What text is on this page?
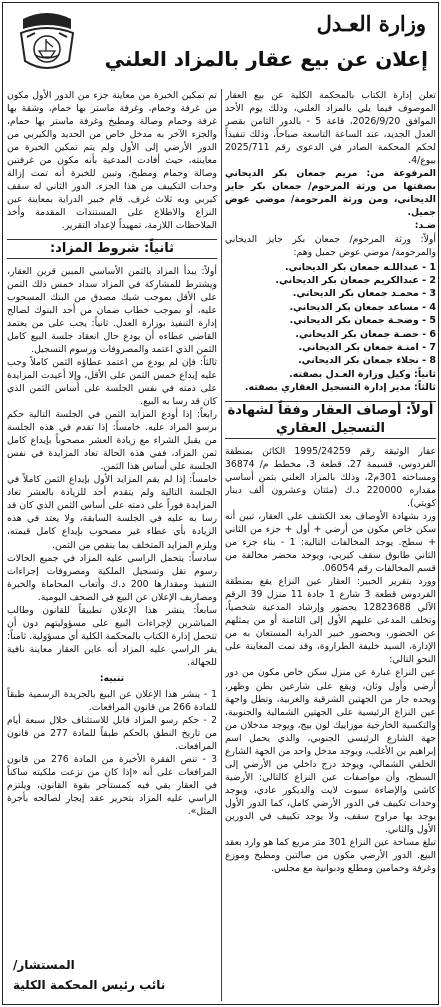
وزارة العـدل
إعلان عن بيع عقار بالمزاد العلني
تعلن إدارة الكتاب بالمحكمة الكلية عن بيع العقار الموصوف فيما يلي بالمزاد العلني، وذلك يوم الأحد الموافق 2026/9/20، قاعة 5 - بالدور الثامن بقصر العدل الجديد، عند الساعة التاسعة صباحاً، وذلك تنفيذاً لحكم المحكمة الصادر في الدعوى رقم 2025/711 بيوع/4.
المرفوعة من: مريم جمعان بكر الديحاني بصفتها من ورثة المرحوم/ جمعان بكر جايز الديحاني، ومن ورثة المرحومة/ موضي عوض جميل.
ضـد:
أولاً: ورثة المرحوم/ جمعان بكر جايز الديحاني والمرحومة/ موضي عوض جميل وهم:
1 - عبداللـه جمعان بكر الديحاني.
2 - عبدالكريم جمعان بكر الديحاني.
3 - محمـد جمعان بكر الديحاني.
4 - مساعد جمعان بكر الديحاني.
5 - وضحـة جمعان بكر الديحاني.
6 - حصـة جمعان بكر الديحاني.
7 - امنـة جمعان بكر الديحاني.
8 - نجلاء جمعان بكر الديحاني.
ثانياً: وكيل وزارة العـدل بصفته.
ثالثاً: مدير إدارة التسجيل العقاري بصفته.
أولاً: أوصاف العقار وفقاً لشهادة التسجيل العقاري
عقار الوثيقة رقم 1995/24259 الكائن بمنطقة الفردوس، قسيمة 27، قطعة 3، مخطط م/ 36874 ومساحته 301م2، وذلك بالمزاد العلني بثمن أساسي مقداره 220000 د.ك (مئتان وعشرون ألف دينار كويتي).
ورد بشهادة الأوصاف بعد الكشف على العقار، تبين أنه سكن خاص مكون من أرضي + أول + جزء من الثاني + سطح. يوجد المخالفات التالية: 1 - بناء جزء من الثاني طابوق سقف كيربي، ويوجد محضر مخالفة من قسم المخالفات رقم 06054.
وورد بتقرير الخبير: العقار عين النزاع يقع بمنطقة الفردوس قطعة 3 شارع 1 جادة 11 منزل 39 الرقم الآلي 12823688 بحضور وإرشاد المدعية شخصياً، وتخلف المدعى عليهم الأول إلى الثامنة أو من يمثلهم عن الحضور، وبحضور خبير الدراية المستعان به من الإدارة، السيد خليفة الطراروة، وقد تمت المعاينة على النحو التالي:
عين النزاع عبارة عن منزل سكن خاص مكون من دور أرضي وأول وثان، ويقع على شارعين بطن وظهر، ويحده جار من الجهتين الشرقية والغربية، وتطل واجهة عين النزاع الرئيسية على الجهتين الشمالية والجنوبية، والتكسية الخارجية موزاييك لون بيج، ويوجد مدخلان من جهة الشارع الرئيسي الجنوبي، والذي يحمل اسم إبراهيم بن الأغلب، ويوجد مدخل واحد من الجهة الشارع الخلفي الشمالي، ويوجد درج داخلي من الأرضي إلى السطح، وأن مواصفات عين النزاع كالتالي: الأرضية كاشي والإضاءة سبوت لايت والديكور عادي، ويوجد وحدات تكييف في الدور الأرضي كامل، كما الدور الأول يوجد بها مراوح سقف، ولا يوجد تكييف في الدورين الأول والثاني.
تبلغ مساحة عين النزاع 301 متر مربع كما هو وارد بعقد البيع. الدور الأرضي مكون من صالتين ومطبخ وموزع وغرفة وحمامين ومطلع ودبوانية مع مجلس.
تم تمكين الخبرة من معاينة جزء من الدور الأول مكون من غرفة وحمام، وغرفة ماستر بها حمام، وشقة بها غرفة وحمام وصالة ومطبخ وغرفة ماستر بها حمام، والجزء الآخر به مدخل خاص من الحديد والكيربي من الدور الأرضي إلى الأول ولم يتم تمكين الخبرة من معاينته، حيث أفادت المدعية بأنه مكون من غرفتين وصالة وحمام ومطبخ، وتبين للخبرة أنه تمت إزالة وحدات التكييف من هذا الجزء. الدور الثاني له سقف كيربي وبه ثلاث غرف. قام خبير الدراية بمعاينة عين النزاع والاطلاع على المستندات المقدمة وأخذ الملاحظات اللازمة، تمهيداً لإعداد التقرير.
ثانياً: شروط المزاد:
أولاً: يبدأ المزاد بالثمن الأساسي المبين قرين العقار، ويشترط للمشاركة في المزاد سداد خمس ذلك الثمن على الأقل بموجب شيك مصدق من البنك المسحوب عليه، أو بموجب خطاب ضمان من أحد البنوك لصالح إدارة التنفيذ بوزارة العدل. ثانياً: يجب على من يعتمد القاضي عطاءه أن يودع حال انعقاد جلسة البيع كامل الثمن الذي اعتمد والمصروفات ورسوم التسجيل.
ثالثاً: فإن لم يودع من اعتمد عطاؤه الثمن كاملاً وجب عليه إيداع خمس الثمن على الأقل، وإلا أعيدت المزايدة على ذمته في نفس الجلسة على أساس الثمن الذي كان قد رسا به البيع.
رابعاً: إذا أودع المزايد الثمن في الجلسة التالية حكم برسو المزاد عليه. خامساً: إذا تقدم في هذه الجلسة من يقبل الشراء مع زيادة العشر مصحوباً بإيداع كامل ثمن المزاد، ففي هذه الحالة تعاد المزايدة في نفس الجلسة على أساس هذا الثمن.
خامساً: إذا لم يقم المزايد الأول بإيداع الثمن كاملاً في الجلسة التالية ولم يتقدم أحد للزيادة بالعشر تعاد المزايدة فوراً على ذمته على أساس الثمن الذي كان قد رسا به عليه في الجلسة السابقة، ولا يعتد في هذه الزيادة بأي عطاء غير مصحوب بإيداع كامل قيمته، ويلزم المزايد المتخلف بما ينقص من الثمن.
سادساً: يتحمل الراسي عليه المزاد في جميع الحالات رسوم نقل وتسجيل الملكية ومصروفات إجراءات التنفيذ ومقدارها 200 د.ك وأتعاب المحاماة والخبرة ومصاريف الإعلان عن البيع في الصحف اليومية.
سابعاً: ينشر هذا الإعلان تطبيقاً للقانون وطالب المباشرين لإجراءات البيع على مسؤوليتهم دون أن تتحمل إدارة الكتاب بالمحكمة الكلية أي مسؤولية. ثامناً: يقر الراسي عليه المزاد أنه عاين العقار معاينة نافية للجهالة.
تنبيه:
1 - ينشر هذا الإعلان عن البيع بالجريدة الرسمية طبقاً للمادة 266 من قانون المرافعات.
2 - حكم رسو المزاد قابل للاستئناف خلال سبعة أيام من تاريخ النطق بالحكم طبقاً للمادة 277 من قانون المرافعات.
3 - تنص الفقرة الأخيرة من المادة 276 من قانون المرافعات على أنه «إذا كان من نزعت ملكيته ساكناً في العقار بقي فيه كمستأجر بقوة القانون، ويلتزم الراسي عليه المزاد بتحرير عقد إيجار لصالحه بأجرة المثل».
المستشار/
نائب رئيس المحكمة الكلية
